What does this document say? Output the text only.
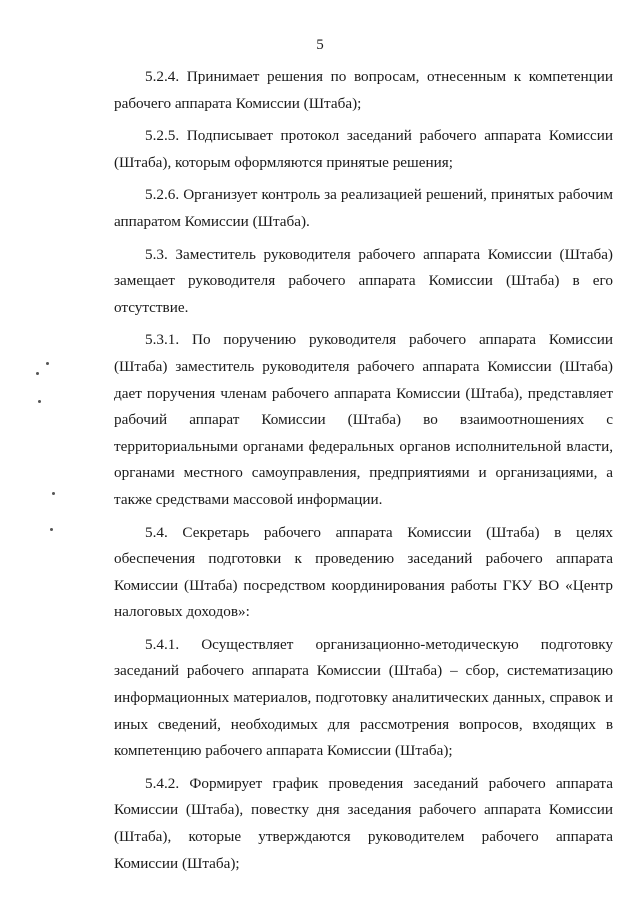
5

5.2.4. Принимает решения по вопросам, отнесенным к компетенции рабочего аппарата Комиссии (Штаба);

5.2.5. Подписывает протокол заседаний рабочего аппарата Комиссии (Штаба), которым оформляются принятые решения;

5.2.6. Организует контроль за реализацией решений, принятых рабочим аппаратом Комиссии (Штаба).

5.3. Заместитель руководителя рабочего аппарата Комиссии (Штаба) замещает руководителя рабочего аппарата Комиссии (Штаба) в его отсутствие.

5.3.1. По поручению руководителя рабочего аппарата Комиссии (Штаба) заместитель руководителя рабочего аппарата Комиссии (Штаба) дает поручения членам рабочего аппарата Комиссии (Штаба), представляет рабочий аппарат Комиссии (Штаба) во взаимоотношениях с территориальными органами федеральных органов исполнительной власти, органами местного самоуправления, предприятиями и организациями, а также средствами массовой информации.

5.4. Секретарь рабочего аппарата Комиссии (Штаба) в целях обеспечения подготовки к проведению заседаний рабочего аппарата Комиссии (Штаба) посредством координирования работы ГКУ ВО «Центр налоговых доходов»:

5.4.1. Осуществляет организационно-методическую подготовку заседаний рабочего аппарата Комиссии (Штаба) – сбор, систематизацию информационных материалов, подготовку аналитических данных, справок и иных сведений, необходимых для рассмотрения вопросов, входящих в компетенцию рабочего аппарата Комиссии (Штаба);

5.4.2. Формирует график проведения заседаний рабочего аппарата Комиссии (Штаба), повестку дня заседания рабочего аппарата Комиссии (Штаба), которые утверждаются руководителем рабочего аппарата Комиссии (Штаба);
